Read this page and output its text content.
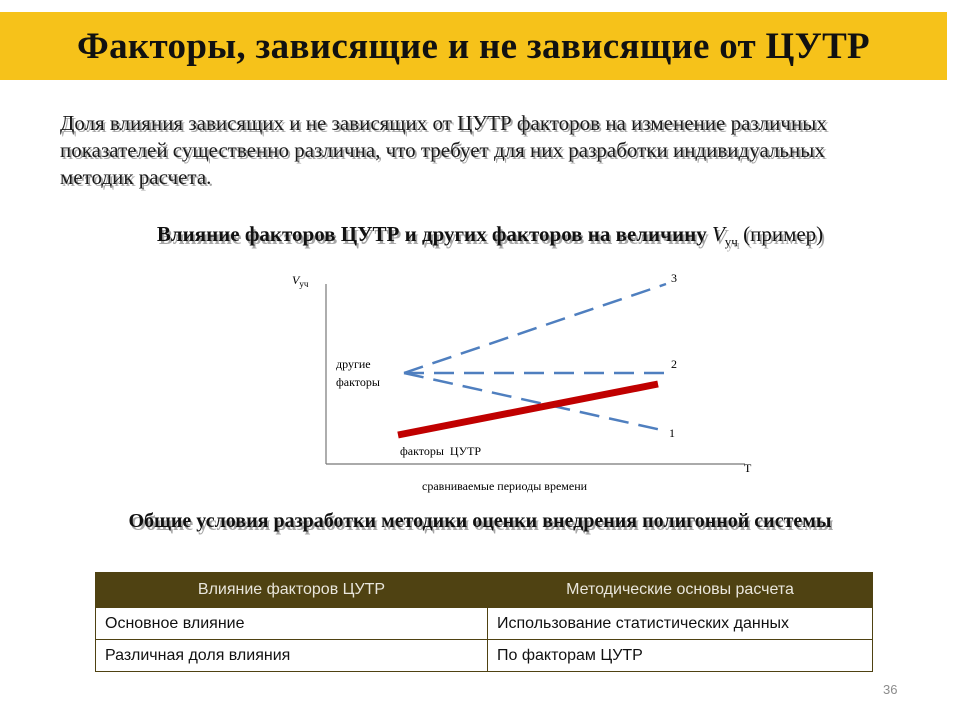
Факторы, зависящие и не зависящие от ЦУТР
Доля влияния зависящих и не зависящих от ЦУТР факторов на изменение различных показателей существенно различна, что требует для них разработки индивидуальных методик расчета.
Влияние факторов ЦУТР и других факторов на величину $V_{уч}$ (пример)
$V_{уч}$	3
2
1
другие факторы
факторы  ЦУТР
T
сравниваемые периоды времени
Общие условия разработки методики оценки внедрения полигонной системы
Влияние факторов ЦУТР	Методические основы расчета
Основное влияние	Использование статистических данных
Различная доля влияния	По факторам ЦУТР
36
